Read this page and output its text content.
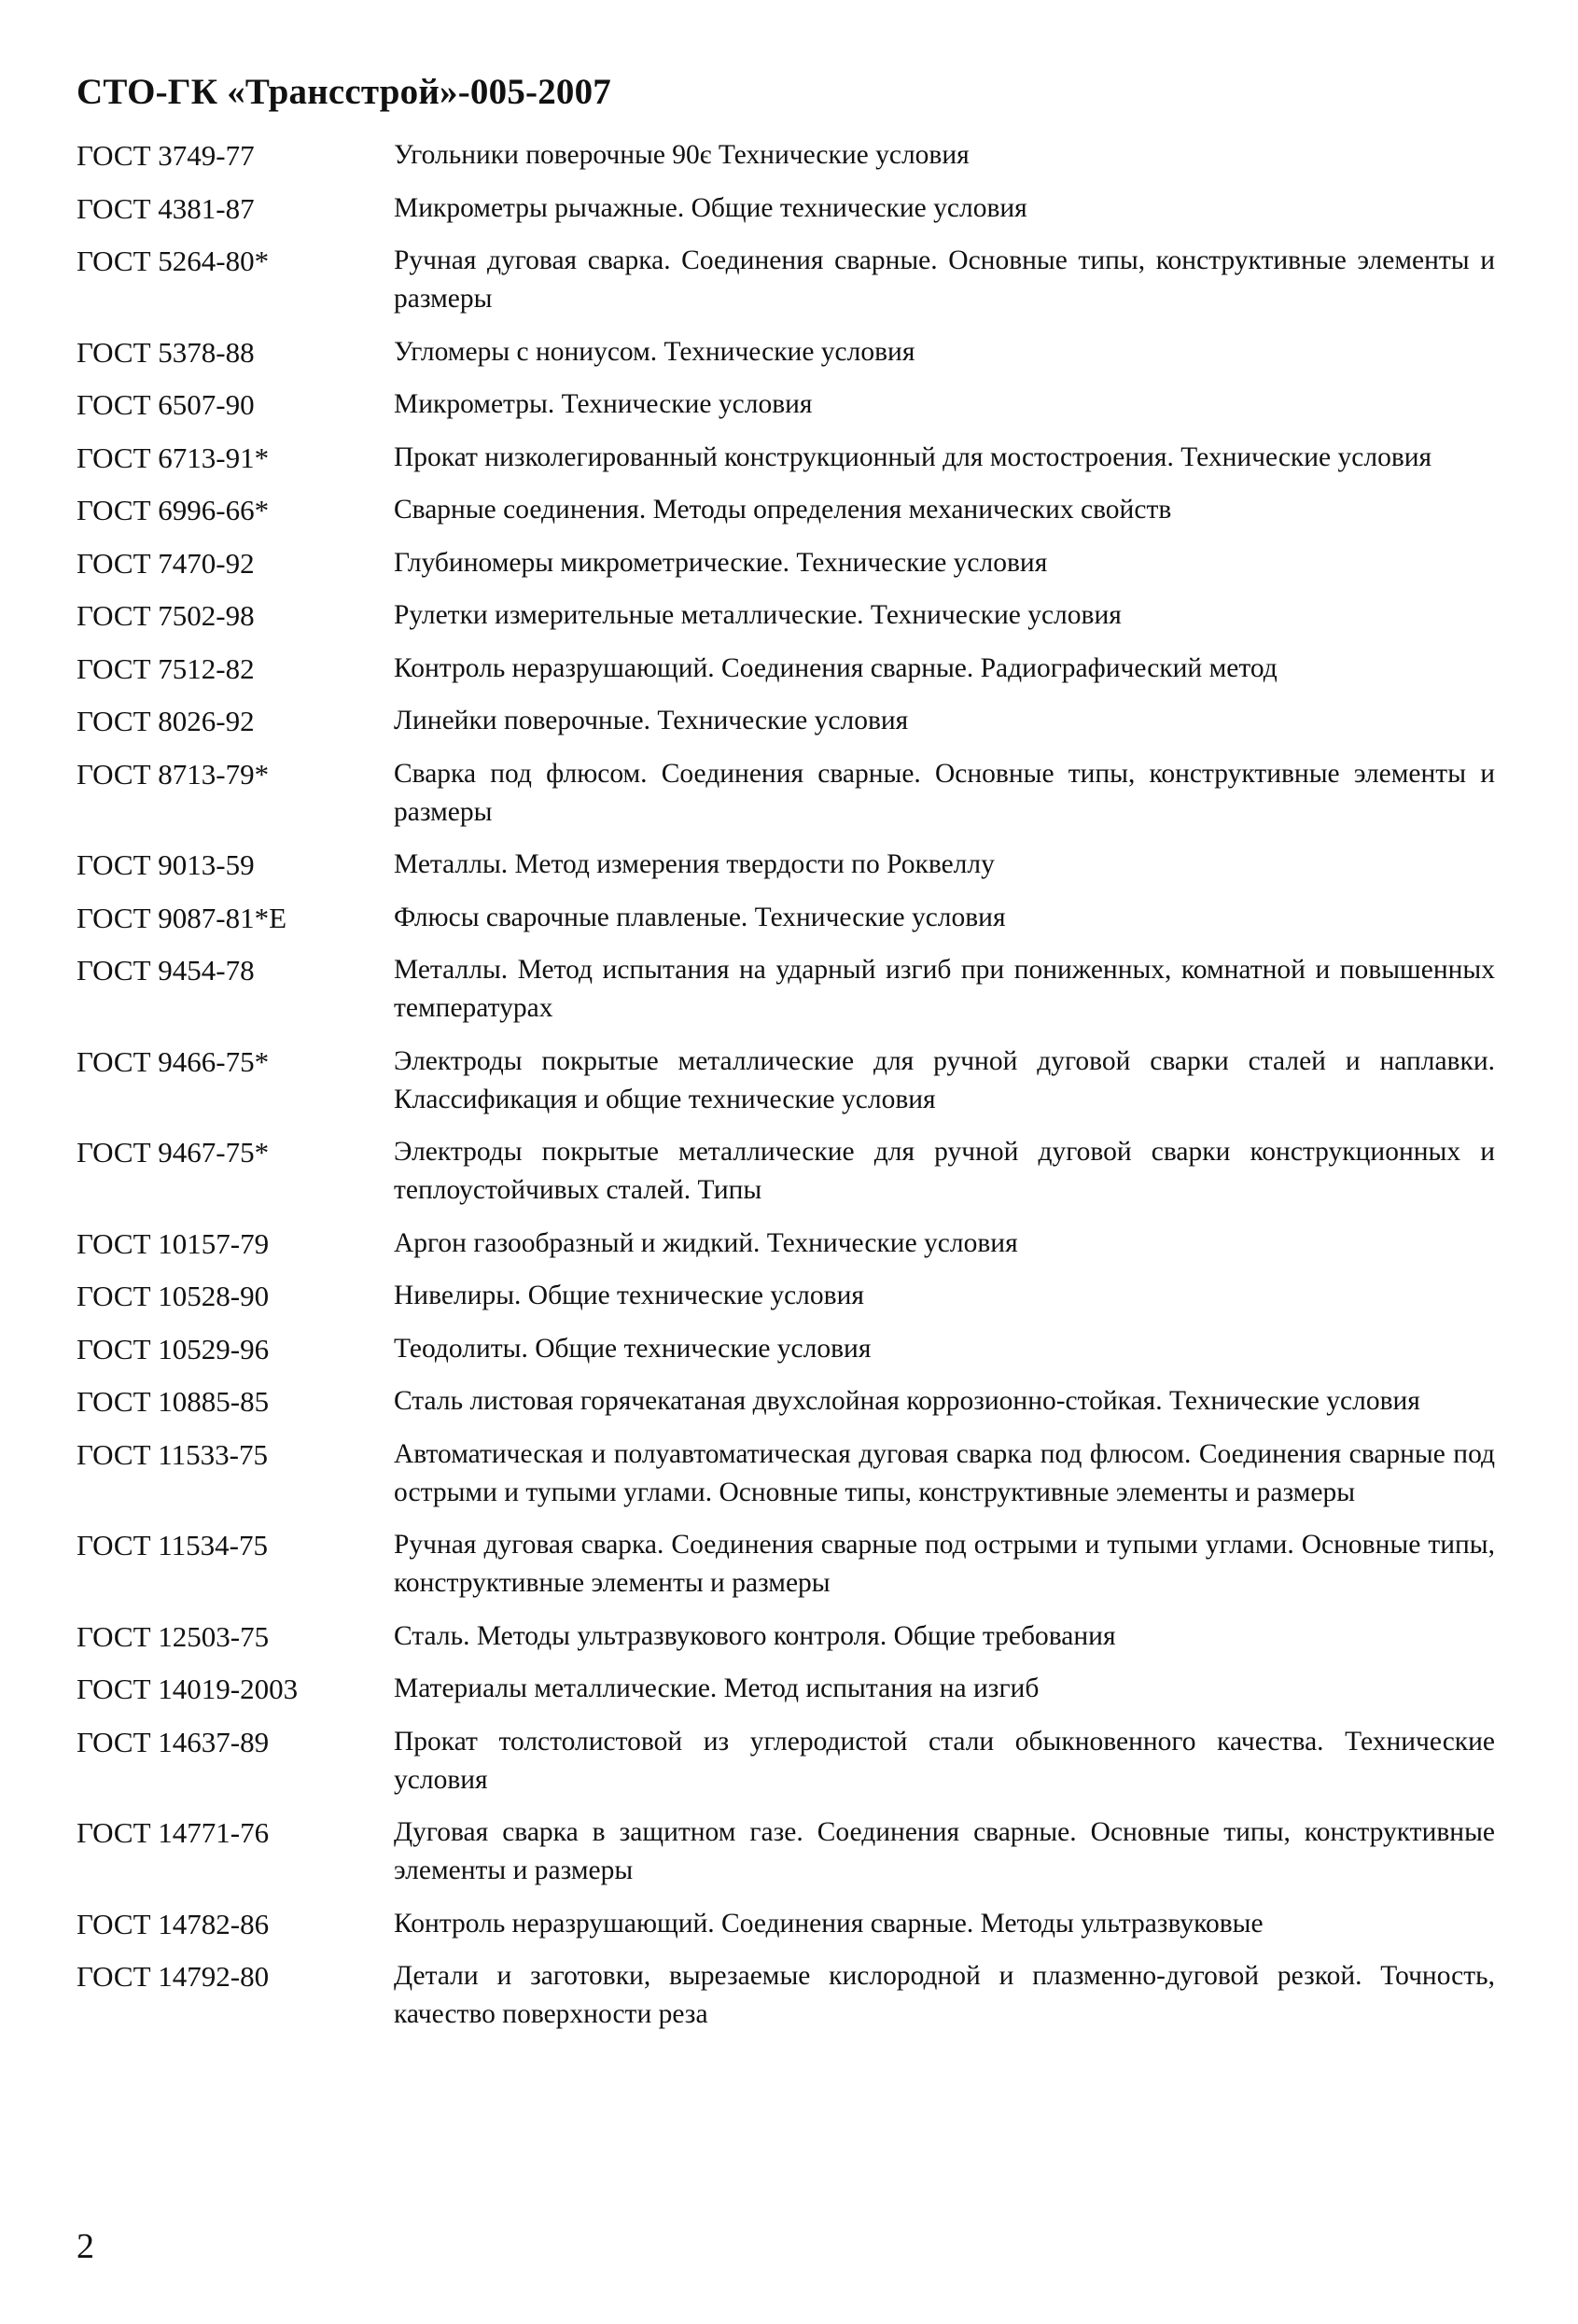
СТО-ГК «Трансстрой»-005-2007
ГОСТ 3749-77	Угольники поверочные 90є Технические условия
ГОСТ 4381-87	Микрометры рычажные. Общие технические условия
ГОСТ 5264-80*	Ручная дуговая сварка. Соединения сварные. Основные типы, конструктивные элементы и размеры
ГОСТ 5378-88	Угломеры с нониусом. Технические условия
ГОСТ 6507-90	Микрометры. Технические условия
ГОСТ 6713-91*	Прокат низколегированный конструкционный для мостостроения. Технические условия
ГОСТ 6996-66*	Сварные соединения. Методы определения механических свойств
ГОСТ 7470-92	Глубиномеры микрометрические. Технические условия
ГОСТ 7502-98	Рулетки измерительные металлические. Технические условия
ГОСТ 7512-82	Контроль неразрушающий. Соединения сварные. Радиографический метод
ГОСТ 8026-92	Линейки поверочные. Технические условия
ГОСТ 8713-79*	Сварка под флюсом. Соединения сварные. Основные типы, конструктивные элементы и размеры
ГОСТ 9013-59	Металлы. Метод измерения твердости по Роквеллу
ГОСТ 9087-81*Е	Флюсы сварочные плавленые. Технические условия
ГОСТ 9454-78	Металлы. Метод испытания на ударный изгиб при пониженных, комнатной и повышенных температурах
ГОСТ 9466-75*	Электроды покрытые металлические для ручной дуговой сварки сталей и наплавки. Классификация и общие технические условия
ГОСТ 9467-75*	Электроды покрытые металлические для ручной дуговой сварки конструкционных и теплоустойчивых сталей. Типы
ГОСТ 10157-79	Аргон газообразный и жидкий. Технические условия
ГОСТ 10528-90	Нивелиры. Общие технические условия
ГОСТ 10529-96	Теодолиты. Общие технические условия
ГОСТ 10885-85	Сталь листовая горячекатаная двухслойная коррозионно-стойкая. Технические условия
ГОСТ 11533-75	Автоматическая и полуавтоматическая дуговая сварка под флюсом. Соединения сварные под острыми и тупыми углами. Основные типы, конструктивные элементы и размеры
ГОСТ 11534-75	Ручная дуговая сварка. Соединения сварные под острыми и тупыми углами. Основные типы, конструктивные элементы и размеры
ГОСТ 12503-75	Сталь. Методы ультразвукового контроля. Общие требования
ГОСТ 14019-2003	Материалы металлические. Метод испытания на изгиб
ГОСТ 14637-89	Прокат толстолистовой из углеродистой стали обыкновенного качества. Технические условия
ГОСТ 14771-76	Дуговая сварка в защитном газе. Соединения сварные. Основные типы, конструктивные элементы и размеры
ГОСТ 14782-86	Контроль неразрушающий. Соединения сварные. Методы ультразвуковые
ГОСТ 14792-80	Детали и заготовки, вырезаемые кислородной и плазменно-дуговой резкой. Точность, качество поверхности реза
2
